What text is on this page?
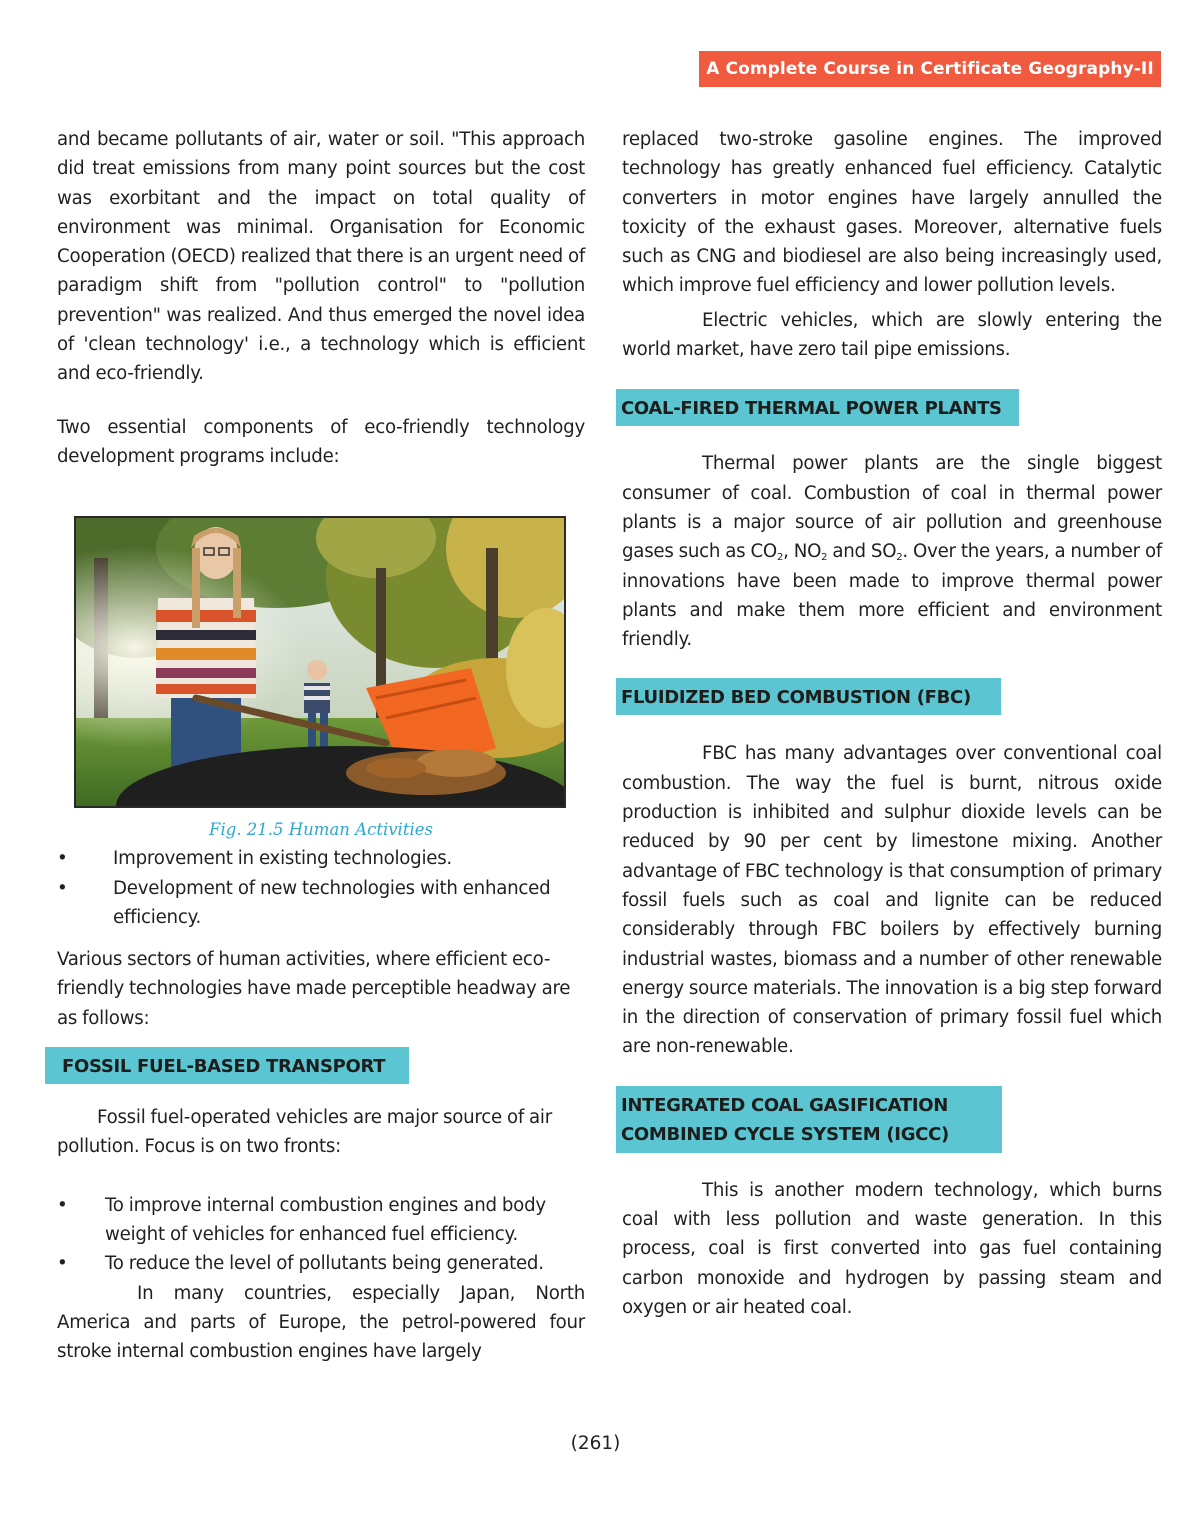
A Complete Course in Certificate Geography-II

and became pollutants of air, water or soil. "This approach did treat emissions from many point sources but the cost was exorbitant and the impact on total quality of environment was minimal. Organisation for Economic Cooperation (OECD) realized that there is an urgent need of paradigm shift from "pollution control" to "pollution prevention" was realized. And thus emerged the novel idea of 'clean technology' i.e., a technology which is efficient and eco-friendly.

Two essential components of eco-friendly technology development programs include:

Fig. 21.5 Human Activities
•	Improvement in existing technologies.
•	Development of new technologies with enhanced efficiency.

Various sectors of human activities, where efficient eco-friendly technologies have made perceptible headway are as follows:

FOSSIL FUEL-BASED TRANSPORT

Fossil fuel-operated vehicles are major source of air pollution. Focus is on two fronts:

• To improve internal combustion engines and body weight of vehicles for enhanced fuel efficiency.
• To reduce the level of pollutants being generated.

In many countries, especially Japan, North America and parts of Europe, the petrol-powered four stroke internal combustion engines have largely

replaced two-stroke gasoline engines. The improved technology has greatly enhanced fuel efficiency. Catalytic converters in motor engines have largely annulled the toxicity of the exhaust gases. Moreover, alternative fuels such as CNG and biodiesel are also being increasingly used, which improve fuel efficiency and lower pollution levels.

Electric vehicles, which are slowly entering the world market, have zero tail pipe emissions.

COAL-FIRED THERMAL POWER PLANTS

Thermal power plants are the single biggest consumer of coal. Combustion of coal in thermal power plants is a major source of air pollution and greenhouse gases such as $CO_2$, $NO_2$ and $SO_2$. Over the years, a number of innovations have been made to improve thermal power plants and make them more efficient and environment friendly.

FLUIDIZED BED COMBUSTION (FBC)

FBC has many advantages over conventional coal combustion. The way the fuel is burnt, nitrous oxide production is inhibited and sulphur dioxide levels can be reduced by 90 per cent by limestone mixing. Another advantage of FBC technology is that consumption of primary fossil fuels such as coal and lignite can be reduced considerably through FBC boilers by effectively burning industrial wastes, biomass and a number of other renewable energy source materials. The innovation is a big step forward in the direction of conservation of primary fossil fuel which are non-renewable.

INTEGRATED COAL GASIFICATION
COMBINED CYCLE SYSTEM (IGCC)

This is another modern technology, which burns coal with less pollution and waste generation. In this process, coal is first converted into gas fuel containing carbon monoxide and hydrogen by passing steam and oxygen or air heated coal.

(261)
